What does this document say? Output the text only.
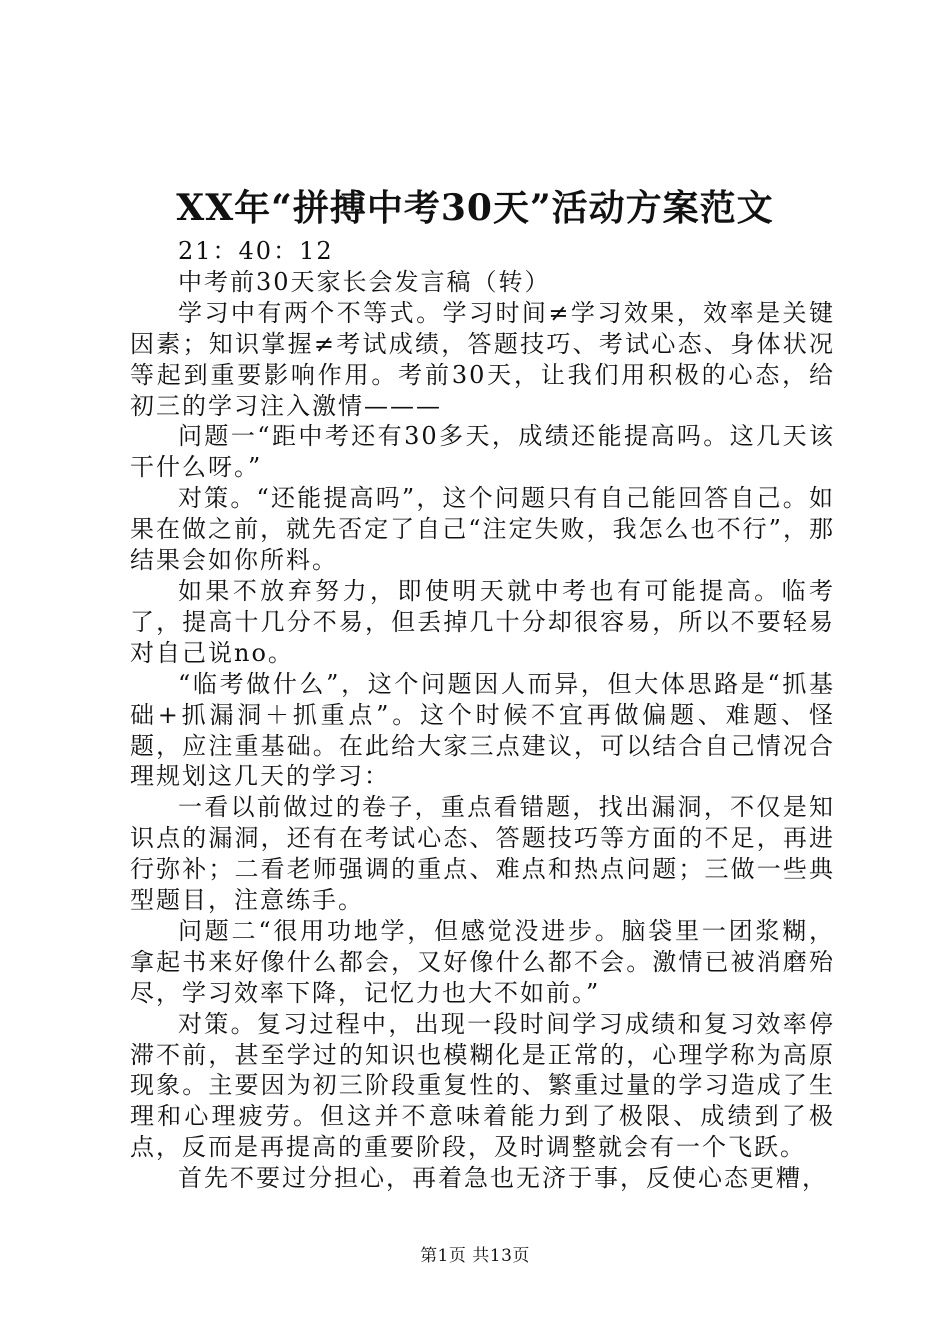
XX年“拼搏中考30天”活动方案范文

21：40：12

中考前30天家长会发言稿（转）

学习中有两个不等式。学习时间≠学习效果，效率是关键因素；知识掌握≠考试成绩，答题技巧、考试心态、身体状况等起到重要影响作用。考前30天，让我们用积极的心态，给初三的学习注入激情———

问题一“距中考还有30多天，成绩还能提高吗。这几天该干什么呀。”

对策。“还能提高吗”，这个问题只有自己能回答自己。如果在做之前，就先否定了自己“注定失败，我怎么也不行”，那结果会如你所料。

如果不放弃努力，即使明天就中考也有可能提高。临考了，提高十几分不易，但丢掉几十分却很容易，所以不要轻易对自己说no。

“临考做什么”，这个问题因人而异，但大体思路是“抓基础+抓漏洞＋抓重点”。这个时候不宜再做偏题、难题、怪题，应注重基础。在此给大家三点建议，可以结合自己情况合理规划这几天的学习：

一看以前做过的卷子，重点看错题，找出漏洞，不仅是知识点的漏洞，还有在考试心态、答题技巧等方面的不足，再进行弥补；二看老师强调的重点、难点和热点问题；三做一些典型题目，注意练手。

问题二“很用功地学，但感觉没进步。脑袋里一团浆糊，拿起书来好像什么都会，又好像什么都不会。激情已被消磨殆尽，学习效率下降，记忆力也大不如前。”

对策。复习过程中，出现一段时间学习成绩和复习效率停滞不前，甚至学过的知识也模糊化是正常的，心理学称为高原现象。主要因为初三阶段重复性的、繁重过量的学习造成了生理和心理疲劳。但这并不意味着能力到了极限、成绩到了极点，反而是再提高的重要阶段，及时调整就会有一个飞跃。

首先不要过分担心，再着急也无济于事，反使心态更糟，

第1页 共13页
